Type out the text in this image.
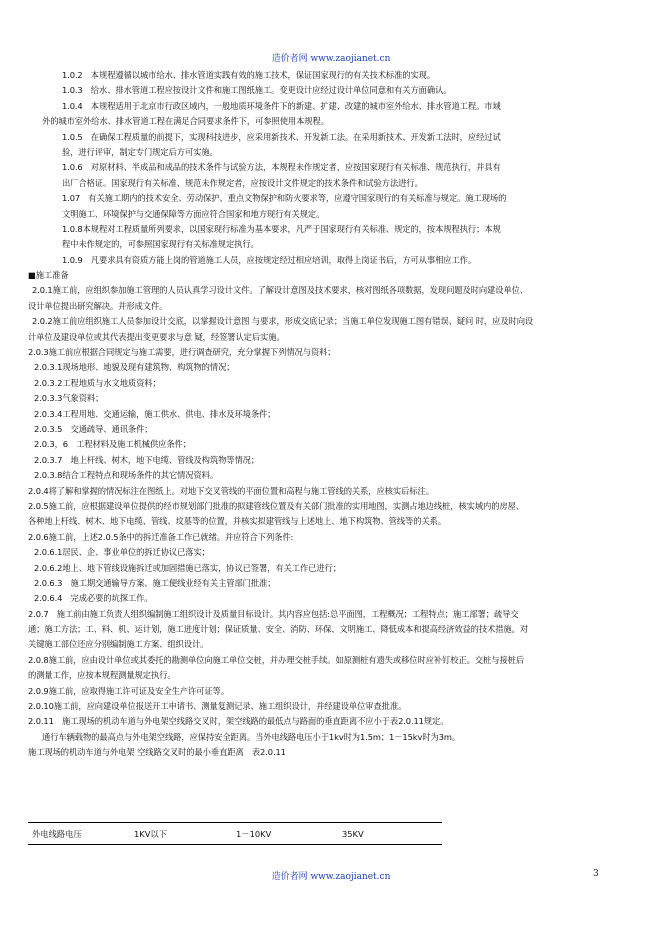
造价者网 www.zaojianet.cn
1.0.2　本规程遵循以城市给水、排水管道实践有效的施工技术，保证国家现行的有关技术标准的实现。
1.0.3　给水、排水管道工程应按设计文件和施工图纸施工。变更设计应经过设计单位同意和有关方面确认。
1.0.4　本规程适用于北京市行政区域内，一般地质环境条件下的新建、扩建、改建的城市室外给水、排水管道工程。市域
外的城市室外给水、排水管道工程在满足合同要求条件下，可参照使用本规程。
1.0.5　在确保工程质量的前提下，实现科技进步，应采用新技术、开发新工法。在采用新技术、开发新工法时，应经过试
验，进行评审，制定专门规定后方可实施。
1.0.6　对原材料、半成品和成品的技术条件与试验方法，本规程未作规定者，应按国家现行有关标准、规范执行，并具有
出厂合格证。国家现行有关标准、规范未作规定者，应按设计文件规定的技术条件和试验方法进行。
1.07　有关施工期内的技术安全、劳动保护、重点文物保护和防火要求等，应遵守国家现行的有关标准与规定。施工现场的
文明施工、环境保护与交通保障等方面应符合国家和地方现行有关规定。
1.0.8本规程对工程质量所列要求，以国家现行标准为基本要求，凡严于国家现行有关标准、规定的，按本规程执行；本规
程中未作规定的，可参照国家现行有关标准规定执行。
1.0.9　凡要求具有资质方能上岗的管道施工人员，应按规定经过相应培训，取得上岗证书后，方可从事相应工作。
■施工准备
2.0.1施工前，应组织参加施工管理的人员认真学习设计文件。了解设计意图及技术要求，核对图纸各项数据，发现问题及时向建设单位、
设计单位提出研究解决。并形成文件。
2.0.2施工前应组织施工人员参加设计交底，以掌握设计意图 与要求，形成交底记录；当施工单位发现施工图有错误、疑问 时，应及时向设
计单位及建设单位或其代表提出变更要求与意 疑，经签署认定后实施。
2.0.3施工前应根据合同规定与施工需要，进行调查研究，充分掌握下列情况与资料；
2.0.3.1现场地形、地貌及现有建筑物、构筑物的情况；
2.0.3.2工程地质与水文地质资料；
2.0.3.3气象资料；
2.0.3.4工程用地、交通运输，施工供水、供电、排水及环境条件；
2.0.3.5　交通疏导、通讯条件；
2.0.3，6　工程材料及施工机械供应条件；
2.0.3.7　地上杆线、树木，地下电缆、管线及构筑物等情况；
2.0.3.8结合工程特点和现场条件的其它情况资料。
2.0.4将了解和掌握的情况标注在图纸上。对地下交叉管线的平面位置和高程与施工管线的关系，应核实后标注。
2.0.5施工前，应根据建设单位提供的经市规划部门批准的拟建管线位置及有关部门批准的实用地图，实测占地边线桩，核实域内的房屋、
各种地上杆线、树木、地下电缆、管线、坟墓等的位置，并核实拟建管线与上述地上、地下构筑物、管线等的关系。
2.0.6施工前，上述2.0.5条中的拆迁准备工作已就绪。并应符合下列条件:
2.0.6.1居民、企、事业单位的拆迁协议已落实；
2.0.6.2地上、地下管线设施拆迁或加固措施已落实，协议已签署，有关工作已进行；
2.0.6.3　施工期交通输导方案、施工便线业经有关主管部门批准；
2.0.6.4　完成必要的坑探工作。
2.0.7　施工前由施工负责人组织编制施工组织设计及质量目标设计。其内容应包括:总平面图，工程概况；工程特点；施工部署；疏导交
通；施工方法；工、料、机、运计划，施工进度计划；保证质量、安全、消防、环保、文明施工、降低成本和提高经济效益的技术措施。对
关键施工部位还应分别编制施工方案、组织设计。
2.0.8施工前，应由设计单位或其委托的勘测单位向施工单位交桩，并办理交桩手续。如原测桩有遗失或移位时应补钉校正。交桩与接桩后
的测量工作，应按本规程测量规定执行。
2.0.9施工前，应取得施工许可证及安全生产许可证等。
2.0.10施工前，应向建设单位报送开工申请书、测量复测记录、施工组织设计，并经建设单位审查批准。
2.0.11　施工现场的机动车道与外电架空线路交叉时，架空线路的最低点与路面的垂直距离不应小于表2.0.11规定。
通行车辆载物的最高点与外电架空线路，应保持安全距离。当外电线路电压小于1kv时为1.5m；1－15kv时为3m。
施工现场的机动车道与外电架 空线路交叉时的最小垂直距离　表2.0.11
外电线路电压	1KV以下	1－10KV	35KV
造价者网 www.zaojianet.cn	3
